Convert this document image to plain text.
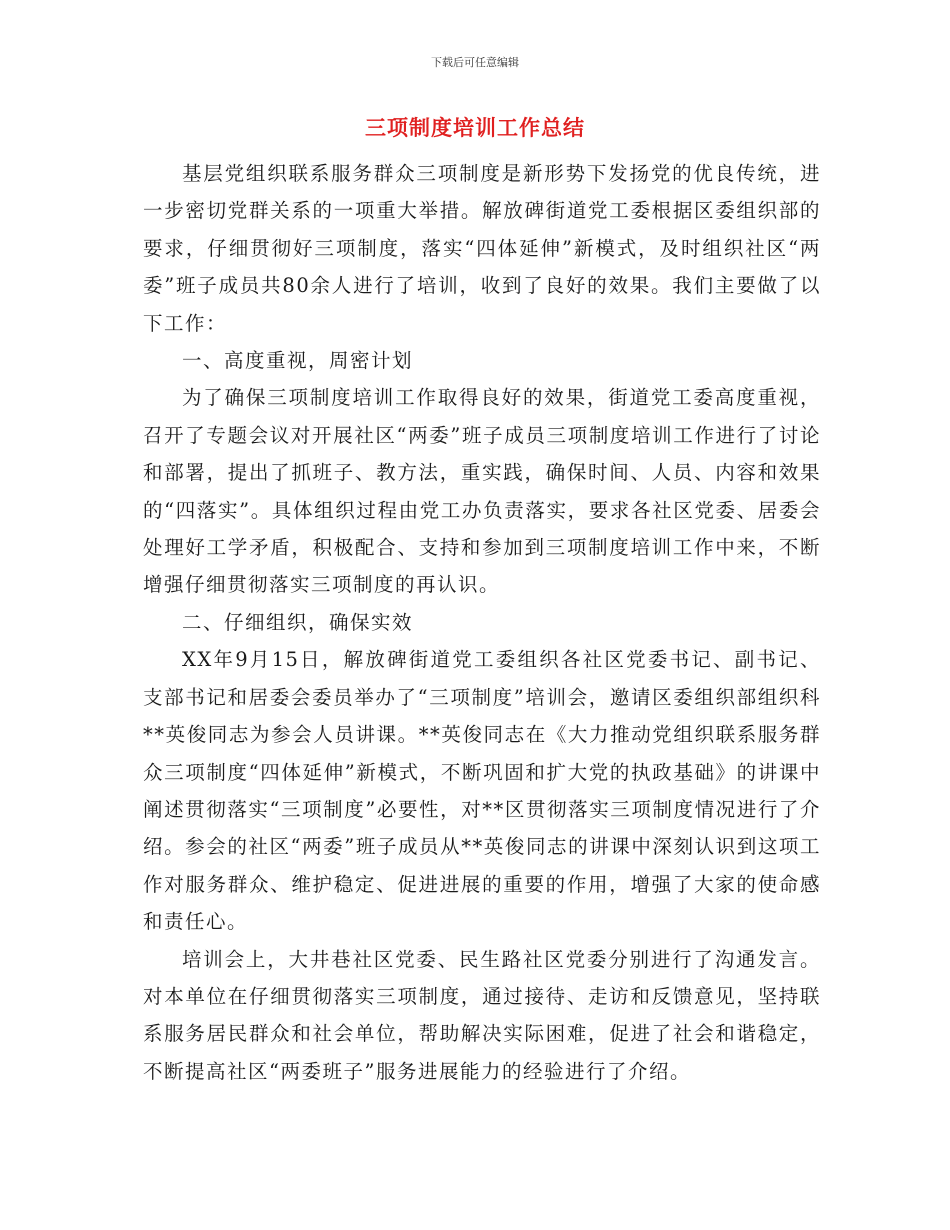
下载后可任意编辑
三项制度培训工作总结

基层党组织联系服务群众三项制度是新形势下发扬党的优良传统，进一步密切党群关系的一项重大举措。解放碑街道党工委根据区委组织部的要求，仔细贯彻好三项制度，落实“四体延伸”新模式，及时组织社区“两委”班子成员共80余人进行了培训，收到了良好的效果。我们主要做了以下工作：

一、高度重视，周密计划

为了确保三项制度培训工作取得良好的效果，街道党工委高度重视，召开了专题会议对开展社区“两委”班子成员三项制度培训工作进行了讨论和部署，提出了抓班子、教方法，重实践，确保时间、人员、内容和效果的“四落实”。具体组织过程由党工办负责落实，要求各社区党委、居委会处理好工学矛盾，积极配合、支持和参加到三项制度培训工作中来，不断增强仔细贯彻落实三项制度的再认识。

二、仔细组织，确保实效

XX年9月15日，解放碑街道党工委组织各社区党委书记、副书记、支部书记和居委会委员举办了“三项制度”培训会，邀请区委组织部组织科**英俊同志为参会人员讲课。**英俊同志在《大力推动党组织联系服务群众三项制度“四体延伸”新模式，不断巩固和扩大党的执政基础》的讲课中阐述贯彻落实“三项制度”必要性，对**区贯彻落实三项制度情况进行了介绍。参会的社区“两委”班子成员从**英俊同志的讲课中深刻认识到这项工作对服务群众、维护稳定、促进进展的重要的作用，增强了大家的使命感和责任心。

培训会上，大井巷社区党委、民生路社区党委分别进行了沟通发言。对本单位在仔细贯彻落实三项制度，通过接待、走访和反馈意见，坚持联系服务居民群众和社会单位，帮助解决实际困难，促进了社会和谐稳定，不断提高社区“两委班子”服务进展能力的经验进行了介绍。
